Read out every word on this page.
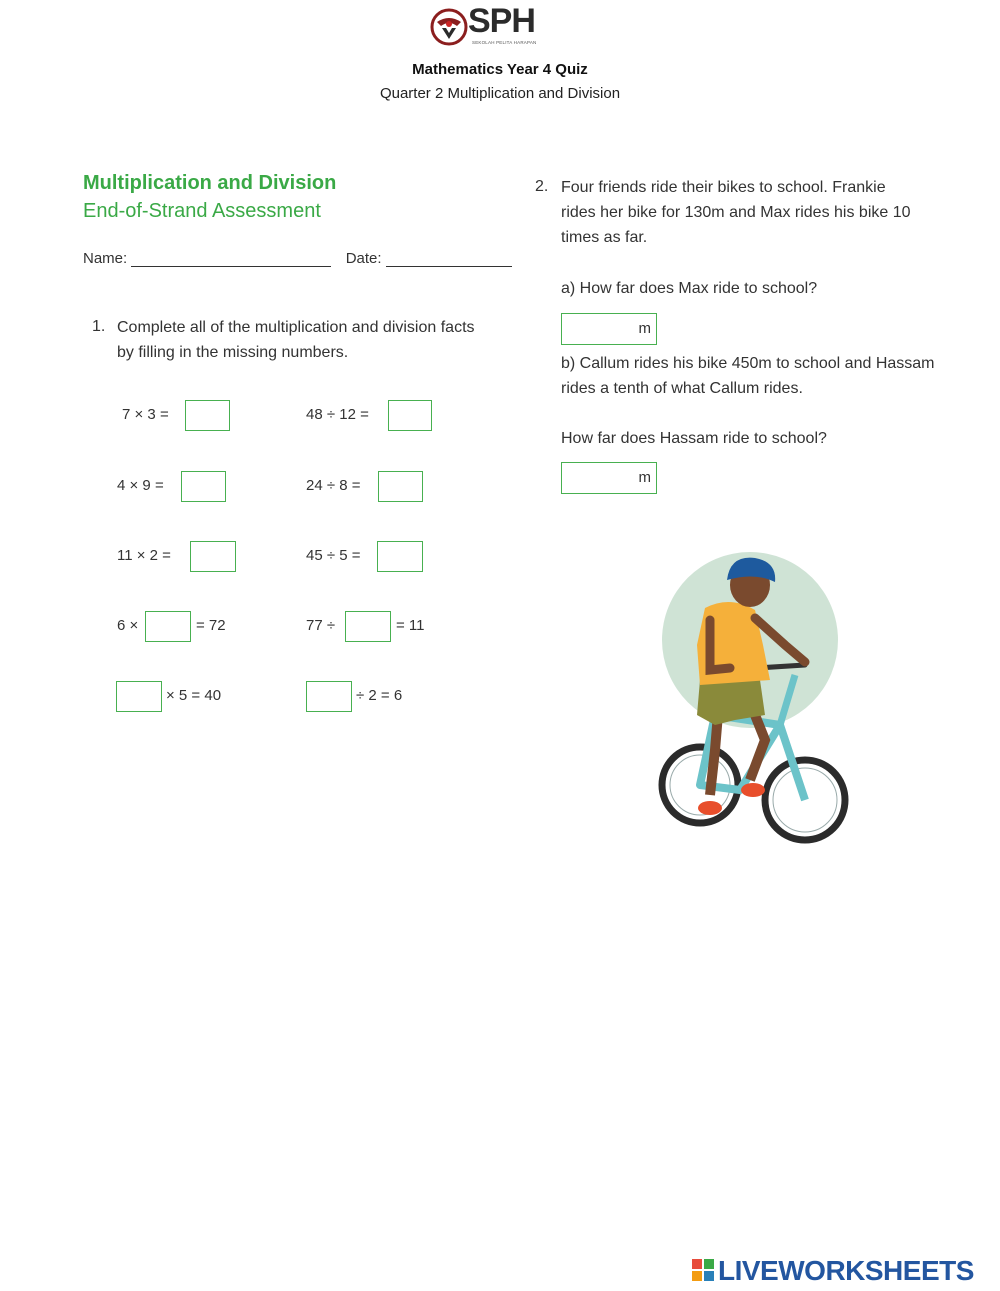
SPH
SEKOLAH PELITA HARAPAN
Mathematics Year 4 Quiz
Quarter 2 Multiplication and Division
Multiplication and Division
End-of-Strand Assessment
Name:	Date:
1. Complete all of the multiplication and division facts
by filling in the missing numbers.
7 × 3 =	48 ÷ 12 =
4 × 9 =	24 ÷ 8 =
11 × 2 =	45 ÷ 5 =
6 ×	= 72	77 ÷	= 11
× 5 = 40	÷ 2 = 6
2. Four friends ride their bikes to school. Frankie
rides her bike for 130m and Max rides his bike 10
times as far.
a) How far does Max ride to school?
m
b) Callum rides his bike 450m to school and Hassam
rides a tenth of what Callum rides.
How far does Hassam ride to school?
m
LIVEWORKSHEETS
